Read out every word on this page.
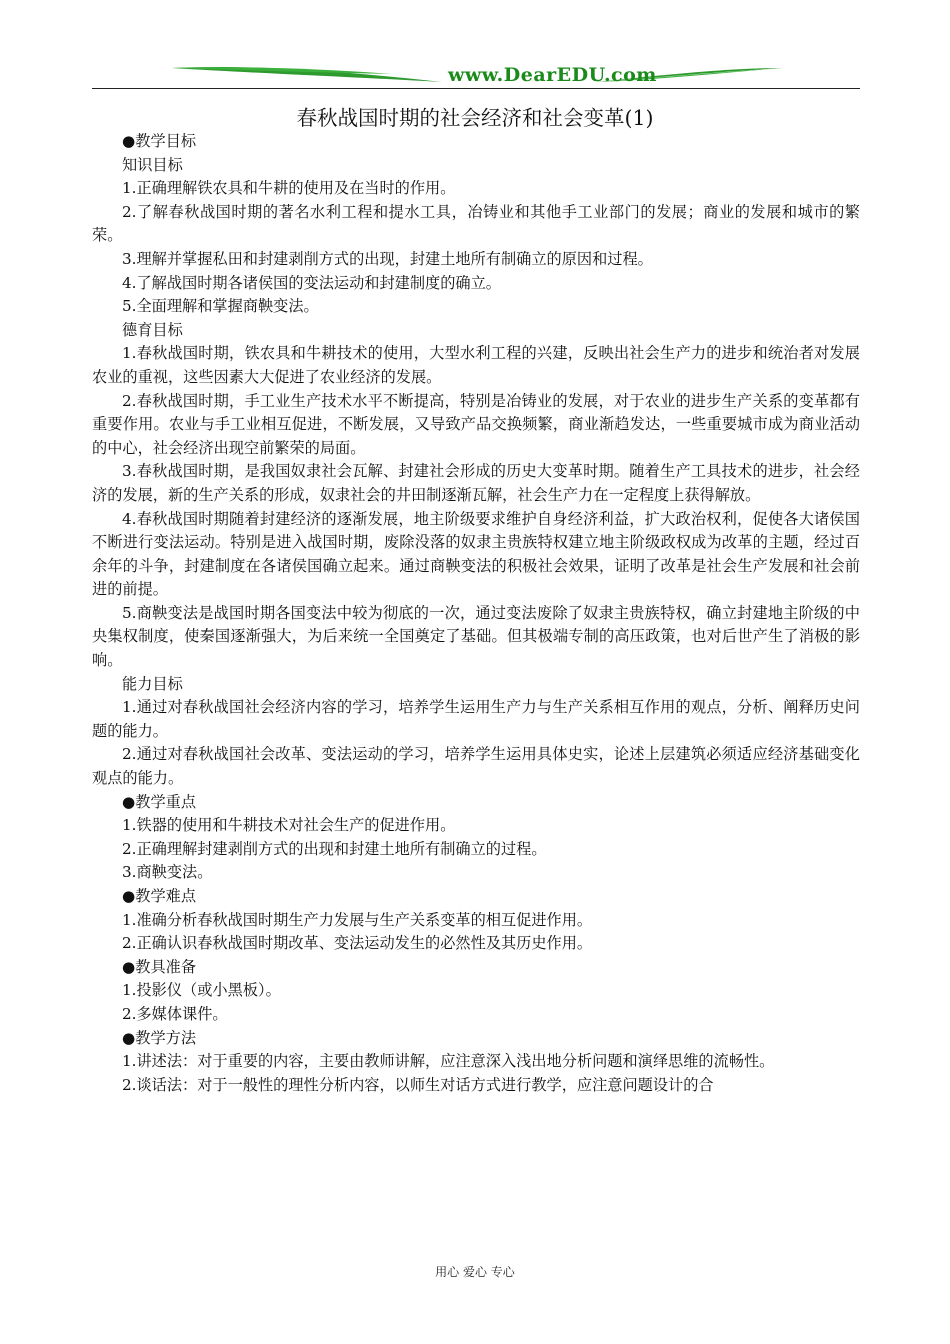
www.DearEDU.com
春秋战国时期的社会经济和社会变革(1)

●教学目标

知识目标

1.正确理解铁农具和牛耕的使用及在当时的作用。

2.了解春秋战国时期的著名水利工程和提水工具，冶铸业和其他手工业部门的发展；商业的发展和城市的繁荣。

3.理解并掌握私田和封建剥削方式的出现，封建土地所有制确立的原因和过程。

4.了解战国时期各诸侯国的变法运动和封建制度的确立。

5.全面理解和掌握商鞅变法。

德育目标

1.春秋战国时期，铁农具和牛耕技术的使用，大型水利工程的兴建，反映出社会生产力的进步和统治者对发展农业的重视，这些因素大大促进了农业经济的发展。

2.春秋战国时期，手工业生产技术水平不断提高，特别是冶铸业的发展，对于农业的进步生产关系的变革都有重要作用。农业与手工业相互促进，不断发展，又导致产品交换频繁，商业渐趋发达，一些重要城市成为商业活动的中心，社会经济出现空前繁荣的局面。

3.春秋战国时期，是我国奴隶社会瓦解、封建社会形成的历史大变革时期。随着生产工具技术的进步，社会经济的发展，新的生产关系的形成，奴隶社会的井田制逐渐瓦解，社会生产力在一定程度上获得解放。

4.春秋战国时期随着封建经济的逐渐发展，地主阶级要求维护自身经济利益，扩大政治权利，促使各大诸侯国不断进行变法运动。特别是进入战国时期，废除没落的奴隶主贵族特权建立地主阶级政权成为改革的主题，经过百余年的斗争，封建制度在各诸侯国确立起来。通过商鞅变法的积极社会效果，证明了改革是社会生产发展和社会前进的前提。

5.商鞅变法是战国时期各国变法中较为彻底的一次，通过变法废除了奴隶主贵族特权，确立封建地主阶级的中央集权制度，使秦国逐渐强大，为后来统一全国奠定了基础。但其极端专制的高压政策，也对后世产生了消极的影响。

能力目标

1.通过对春秋战国社会经济内容的学习，培养学生运用生产力与生产关系相互作用的观点，分析、阐释历史问题的能力。

2.通过对春秋战国社会改革、变法运动的学习，培养学生运用具体史实，论述上层建筑必须适应经济基础变化观点的能力。

●教学重点

1.铁器的使用和牛耕技术对社会生产的促进作用。

2.正确理解封建剥削方式的出现和封建土地所有制确立的过程。

3.商鞅变法。

●教学难点

1.准确分析春秋战国时期生产力发展与生产关系变革的相互促进作用。

2.正确认识春秋战国时期改革、变法运动发生的必然性及其历史作用。

●教具准备

1.投影仪（或小黑板）。

2.多媒体课件。

●教学方法

1.讲述法：对于重要的内容，主要由教师讲解，应注意深入浅出地分析问题和演绎思维的流畅性。

2.谈话法：对于一般性的理性分析内容，以师生对话方式进行教学，应注意问题设计的合

用心 爱心 专心
